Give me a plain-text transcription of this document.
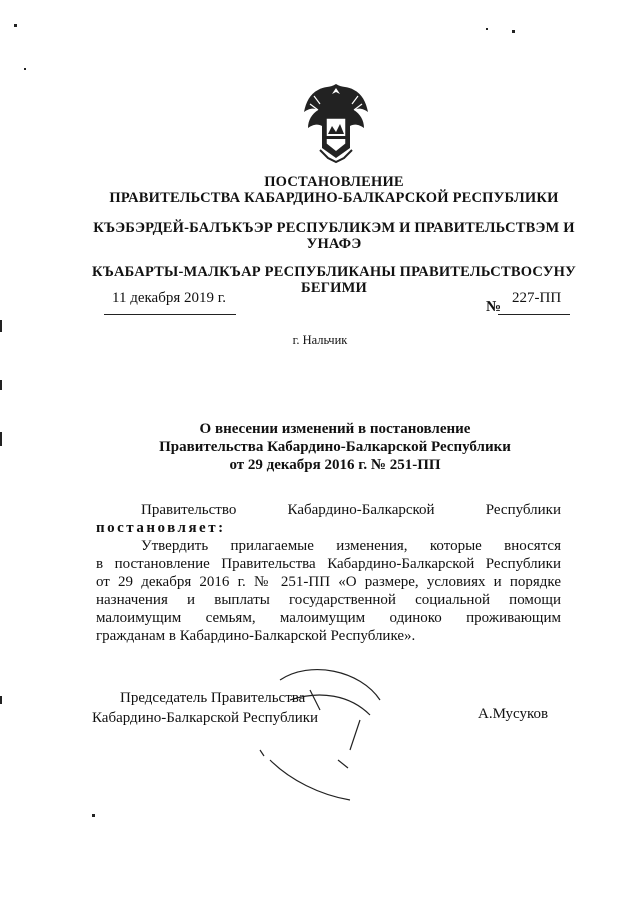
ПОСТАНОВЛЕНИЕ
ПРАВИТЕЛЬСТВА КАБАРДИНО-БАЛКАРСКОЙ РЕСПУБЛИКИ
КЪЭБЭРДЕЙ-БАЛЪКЪЭР РЕСПУБЛИКЭМ И ПРАВИТЕЛЬСТВЭМ И
УНАФЭ
КЪАБАРТЫ-МАЛКЪАР РЕСПУБЛИКАНЫ ПРАВИТЕЛЬСТВОСУНУ
БЕГИМИ
11 декабря 2019 г.
№
227-ПП
г. Нальчик
О внесении изменений в постановление
Правительства Кабардино-Балкарской Республики
от 29 декабря 2016 г. № 251-ПП
Правительство Кабардино-Балкарской Республики
постановляет:
Утвердить прилагаемые изменения, которые вносятся
в постановление Правительства Кабардино-Балкарской Республики
от 29 декабря 2016 г. № 251-ПП «О размере, условиях и порядке
назначения и выплаты государственной социальной помощи
малоимущим семьям, малоимущим одиноко проживающим
гражданам в Кабардино-Балкарской Республике».
Председатель Правительства
Кабардино-Балкарской Республики	А.Мусуков
